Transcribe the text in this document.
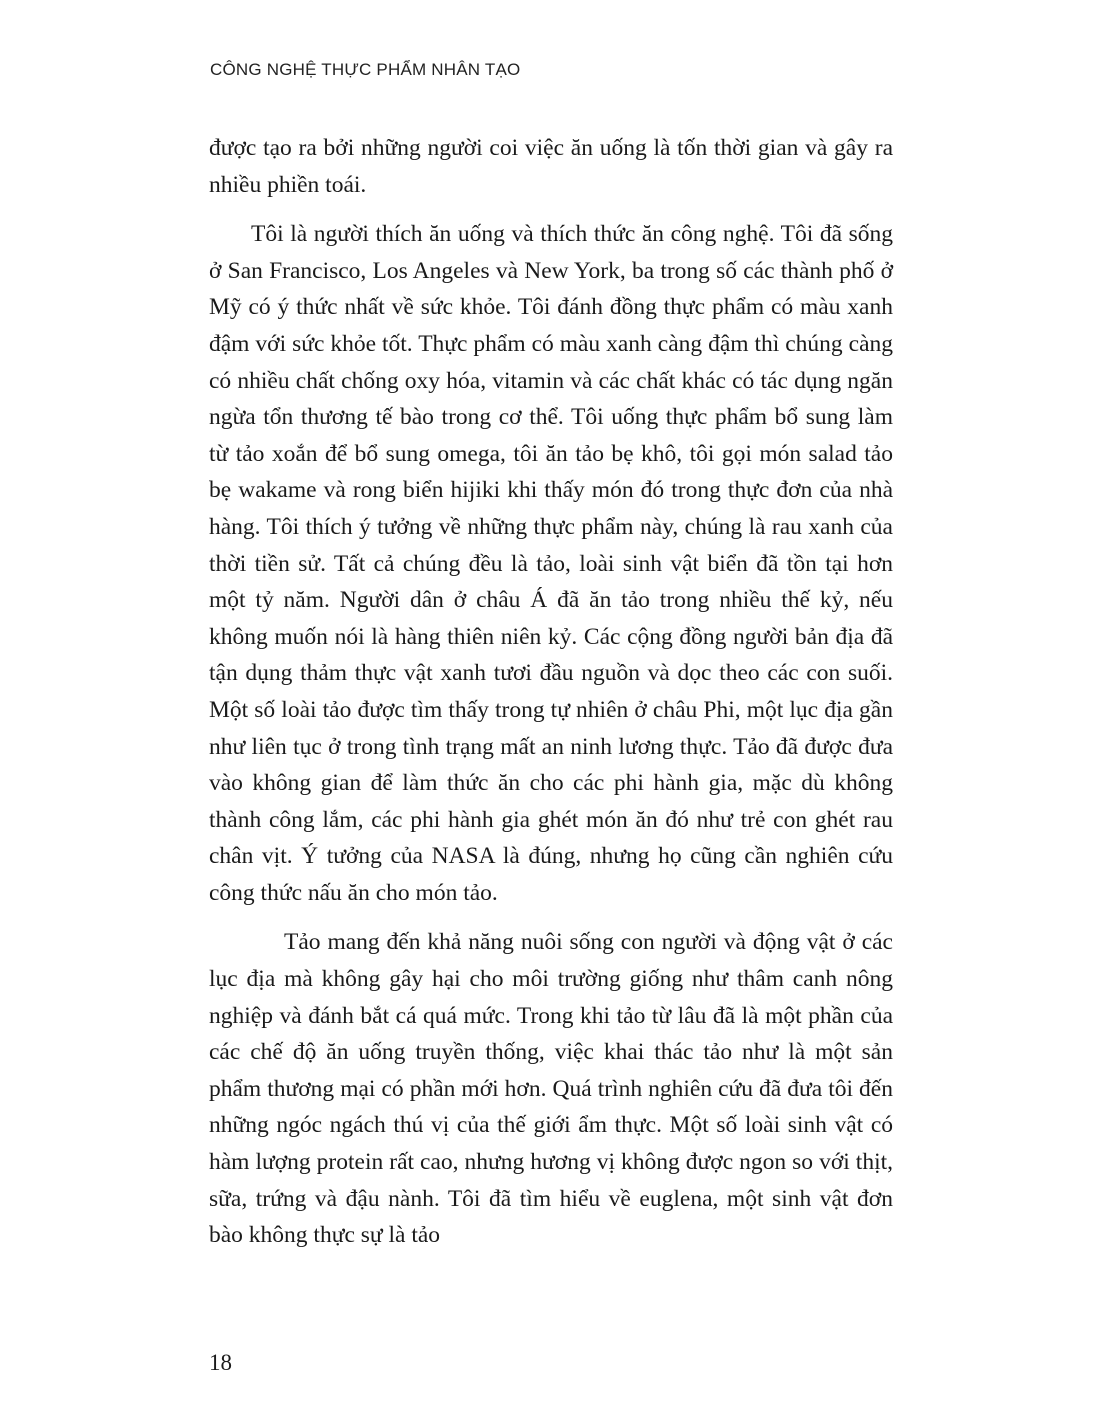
CÔNG NGHỆ THỰC PHẨM NHÂN TẠO

được tạo ra bởi những người coi việc ăn uống là tốn thời gian và gây ra nhiều phiền toái.

Tôi là người thích ăn uống và thích thức ăn công nghệ. Tôi đã sống ở San Francisco, Los Angeles và New York, ba trong số các thành phố ở Mỹ có ý thức nhất về sức khỏe. Tôi đánh đồng thực phẩm có màu xanh đậm với sức khỏe tốt. Thực phẩm có màu xanh càng đậm thì chúng càng có nhiều chất chống oxy hóa, vitamin và các chất khác có tác dụng ngăn ngừa tổn thương tế bào trong cơ thể. Tôi uống thực phẩm bổ sung làm từ tảo xoắn để bổ sung omega, tôi ăn tảo bẹ khô, tôi gọi món salad tảo bẹ wakame và rong biển hijiki khi thấy món đó trong thực đơn của nhà hàng. Tôi thích ý tưởng về những thực phẩm này, chúng là rau xanh của thời tiền sử. Tất cả chúng đều là tảo, loài sinh vật biển đã tồn tại hơn một tỷ năm. Người dân ở châu Á đã ăn tảo trong nhiều thế kỷ, nếu không muốn nói là hàng thiên niên kỷ. Các cộng đồng người bản địa đã tận dụng thảm thực vật xanh tươi đầu nguồn và dọc theo các con suối. Một số loài tảo được tìm thấy trong tự nhiên ở châu Phi, một lục địa gần như liên tục ở trong tình trạng mất an ninh lương thực. Tảo đã được đưa vào không gian để làm thức ăn cho các phi hành gia, mặc dù không thành công lắm, các phi hành gia ghét món ăn đó như trẻ con ghét rau chân vịt. Ý tưởng của NASA là đúng, nhưng họ cũng cần nghiên cứu công thức nấu ăn cho món tảo.

Tảo mang đến khả năng nuôi sống con người và động vật ở các lục địa mà không gây hại cho môi trường giống như thâm canh nông nghiệp và đánh bắt cá quá mức. Trong khi tảo từ lâu đã là một phần của các chế độ ăn uống truyền thống, việc khai thác tảo như là một sản phẩm thương mại có phần mới hơn. Quá trình nghiên cứu đã đưa tôi đến những ngóc ngách thú vị của thế giới ẩm thực. Một số loài sinh vật có hàm lượng protein rất cao, nhưng hương vị không được ngon so với thịt, sữa, trứng và đậu nành. Tôi đã tìm hiểu về euglena, một sinh vật đơn bào không thực sự là tảo

18
